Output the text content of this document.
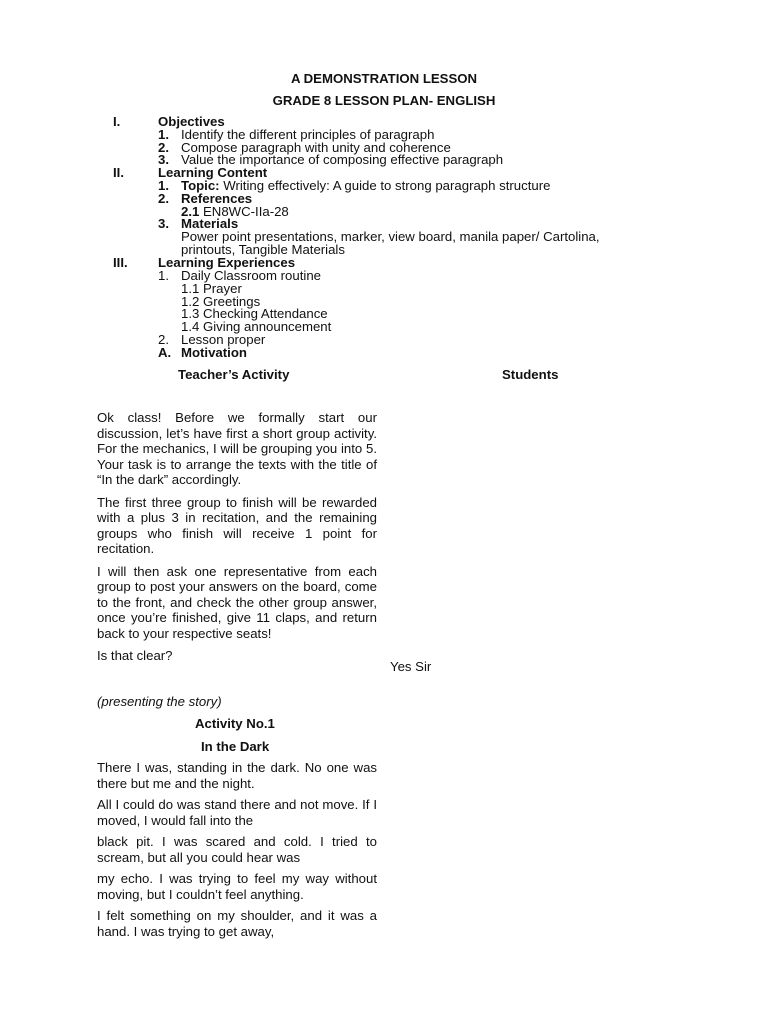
A DEMONSTRATION LESSON
GRADE 8 LESSON PLAN- ENGLISH
I.	Objectives
1. Identify the different principles of paragraph
2. Compose paragraph with unity and coherence
3. Value the importance of composing effective paragraph
II.	Learning Content
1. Topic: Writing effectively: A guide to strong paragraph structure
2. References
2.1 EN8WC-IIa-28
3. Materials
Power point presentations, marker, view board, manila paper/ Cartolina,
printouts, Tangible Materials
III. Learning Experiences
1. Daily Classroom routine
1.1 Prayer
1.2 Greetings
1.3 Checking Attendance
1.4 Giving announcement
2. Lesson proper
A. Motivation
Teacher’s Activity	Students

Ok class! Before we formally start our discussion, let’s have first a short group activity. For the mechanics, I will be grouping you into 5. Your task is to arrange the texts with the title of “In the dark” accordingly.

The first three group to finish will be rewarded with a plus 3 in recitation, and the remaining groups who finish will receive 1 point for recitation.

I will then ask one representative from each group to post your answers on the board, come to the front, and check the other group answer, once you’re finished, give 11 claps, and return back to your respective seats!

Is that clear?

Yes Sir
(presenting the story)
Activity No.1
In the Dark

There I was, standing in the dark. No one was there but me and the night.

All I could do was stand there and not move. If I moved, I would fall into the

black pit. I was scared and cold. I tried to scream, but all you could hear was

my echo. I was trying to feel my way without moving, but I couldn’t feel anything.

I felt something on my shoulder, and it was a hand. I was trying to get away,
